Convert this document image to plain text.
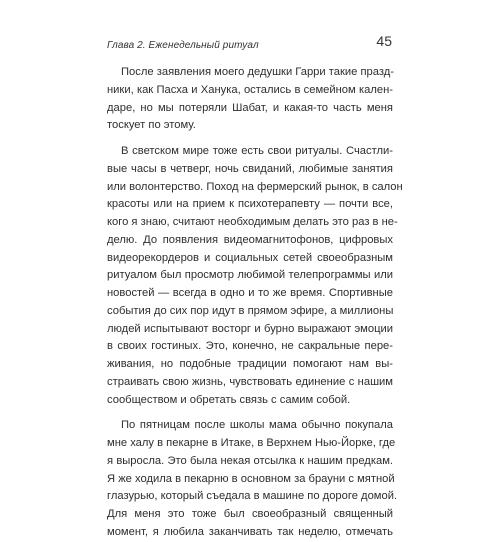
Глава 2. Еженедельный ритуал	45

После заявления моего дедушки Гарри такие празд-
ники, как Пасха и Ханука, остались в семейном кален-
даре, но мы потеряли Шабат, и какая-то часть меня
тоскует по этому.

В светском мире тоже есть свои ритуалы. Счастли-
вые часы в четверг, ночь свиданий, любимые занятия
или волонтерство. Поход на фермерский рынок, в салон
красоты или на прием к психотерапевту — почти все,
кого я знаю, считают необходимым делать это раз в не-
делю. До появления видеомагнитофонов, цифровых
видеорекордеров и социальных сетей своеобразным
ритуалом был просмотр любимой телепрограммы или
новостей — всегда в одно и то же время. Спортивные
события до сих пор идут в прямом эфире, а миллионы
людей испытывают восторг и бурно выражают эмоции
в своих гостиных. Это, конечно, не сакральные пере-
живания, но подобные традиции помогают нам вы-
страивать свою жизнь, чувствовать единение с нашим
сообществом и обретать связь с самим собой.

По пятницам после школы мама обычно покупала
мне халу в пекарне в Итаке, в Верхнем Нью-Йорке, где
я выросла. Это была некая отсылка к нашим предкам.
Я же ходила в пекарню в основном за брауни с мятной
глазурью, который съедала в машине по дороге домой.
Для меня это тоже был своеобразный священный
момент, я любила заканчивать так неделю, отмечать
